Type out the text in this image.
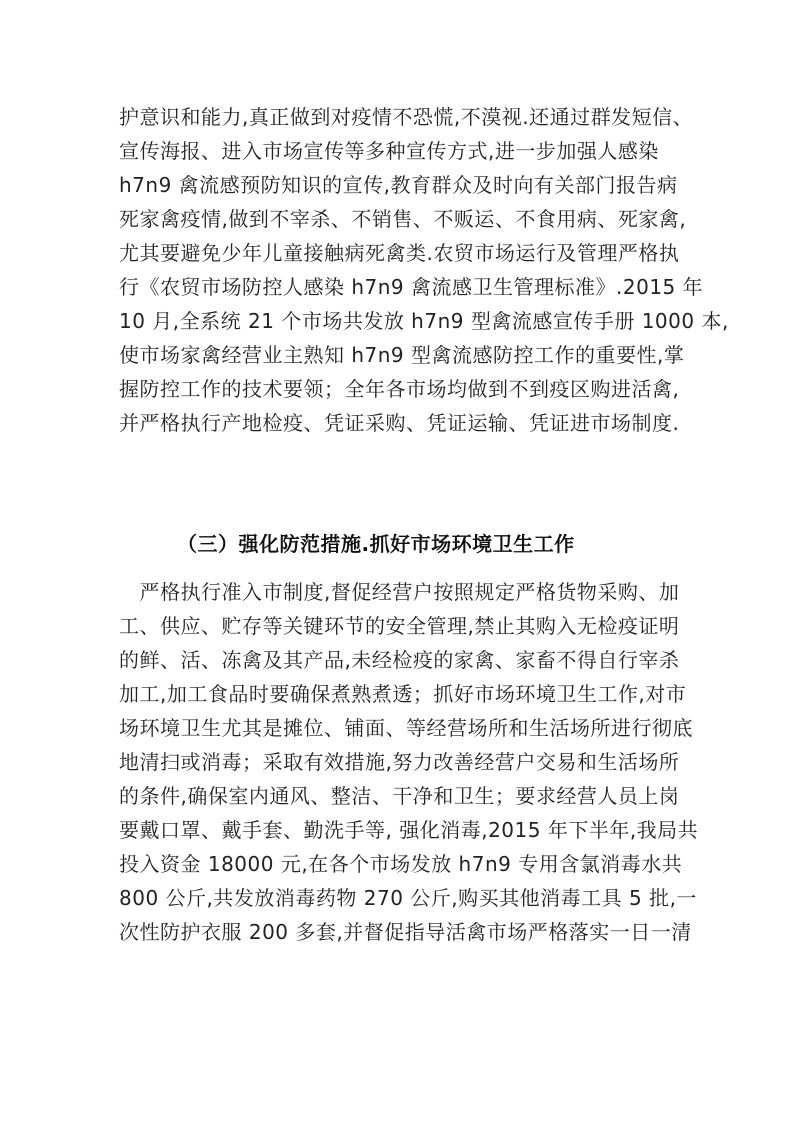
护意识和能力,真正做到对疫情不恐慌,不漠视.还通过群发短信、
宣传海报、进入市场宣传等多种宣传方式,进一步加强人感染
h7n9 禽流感预防知识的宣传,教育群众及时向有关部门报告病
死家禽疫情,做到不宰杀、不销售、不贩运、不食用病、死家禽,
尤其要避免少年儿童接触病死禽类.农贸市场运行及管理严格执
行《农贸市场防控人感染 h7n9 禽流感卫生管理标准》.2015 年
10 月,全系统 21 个市场共发放 h7n9 型禽流感宣传手册 1000 本,
使市场家禽经营业主熟知 h7n9 型禽流感防控工作的重要性,掌
握防控工作的技术要领；全年各市场均做到不到疫区购进活禽,
并严格执行产地检疫、凭证采购、凭证运输、凭证进市场制度.
（三）强化防范措施.抓好市场环境卫生工作
　严格执行准入市制度,督促经营户按照规定严格货物采购、加
工、供应、贮存等关键环节的安全管理,禁止其购入无检疫证明
的鲜、活、冻禽及其产品,未经检疫的家禽、家畜不得自行宰杀
加工,加工食品时要确保煮熟煮透；抓好市场环境卫生工作,对市
场环境卫生尤其是摊位、铺面、等经营场所和生活场所进行彻底
地清扫或消毒；采取有效措施,努力改善经营户交易和生活场所
的条件,确保室内通风、整洁、干净和卫生；要求经营人员上岗
要戴口罩、戴手套、勤洗手等, 强化消毒,2015 年下半年,我局共
投入资金 18000 元,在各个市场发放 h7n9 专用含氯消毒水共
800 公斤,共发放消毒药物 270 公斤,购买其他消毒工具 5 批,一
次性防护衣服 200 多套,并督促指导活禽市场严格落实一日一清
